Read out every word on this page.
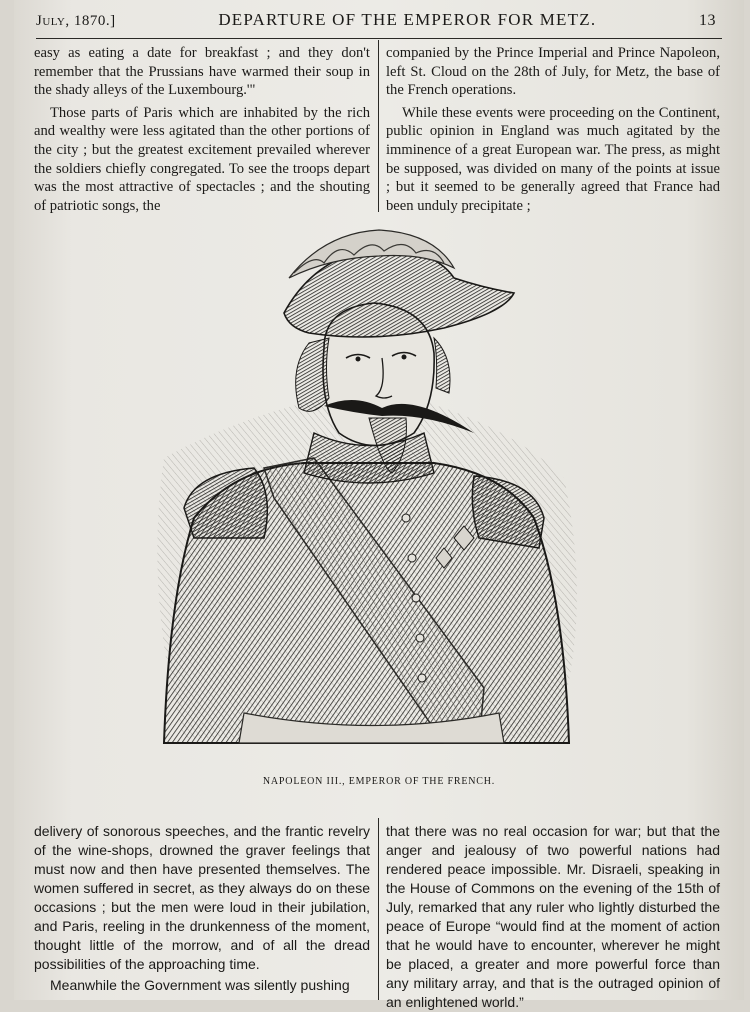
July, 1870.]	DEPARTURE OF THE EMPEROR FOR METZ.	13

easy as eating a date for breakfast ; and they don't remember that the Prussians have warmed their soup in the shady alleys of the Luxembourg.'"

Those parts of Paris which are inhabited by the rich and wealthy were less agitated than the other portions of the city ; but the greatest excitement prevailed wherever the soldiers chiefly congregated. To see the troops depart was the most attractive of spectacles ; and the shouting of patriotic songs, the

companied by the Prince Imperial and Prince Napoleon, left St. Cloud on the 28th of July, for Metz, the base of the French operations.

While these events were proceeding on the Continent, public opinion in England was much agitated by the imminence of a great European war. The press, as might be supposed, was divided on many of the points at issue ; but it seemed to be generally agreed that France had been unduly precipitate ;

NAPOLEON III., EMPEROR OF THE FRENCH.

delivery of sonorous speeches, and the frantic revelry of the wine-shops, drowned the graver feelings that must now and then have presented themselves. The women suffered in secret, as they always do on these occasions ; but the men were loud in their jubilation, and Paris, reeling in the drunkenness of the moment, thought little of the morrow, and of all the dread possibilities of the approaching time.

Meanwhile the Government was silently pushing

that there was no real occasion for war; but that the anger and jealousy of two powerful nations had rendered peace impossible. Mr. Disraeli, speaking in the House of Commons on the evening of the 15th of July, remarked that any ruler who lightly disturbed the peace of Europe “would find at the moment of action that he would have to encounter, wherever he might be placed, a greater and more powerful force than any military array, and that is the outraged opinion of an enlightened world.”
